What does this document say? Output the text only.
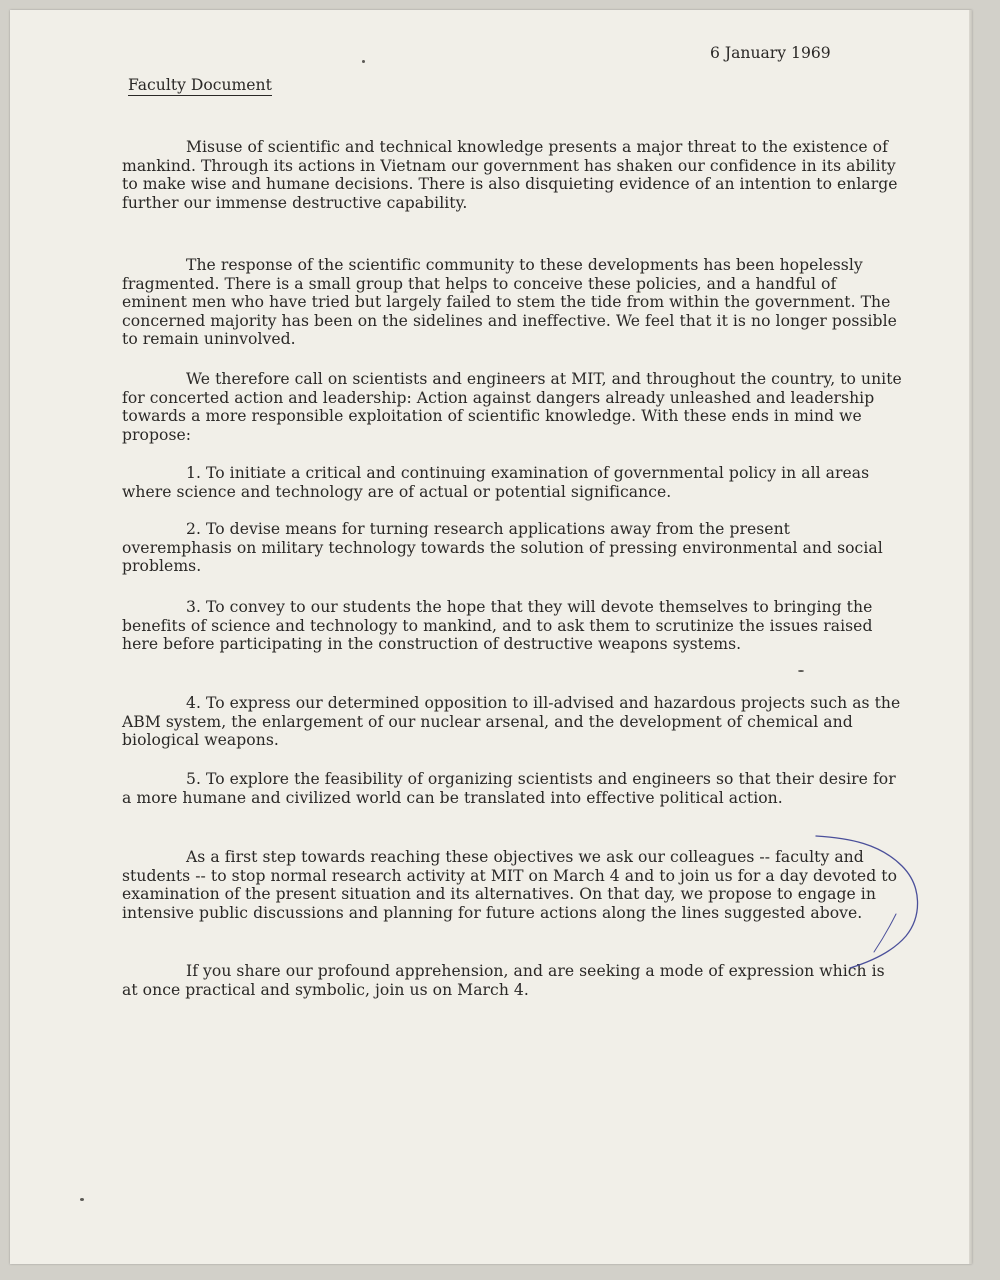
6 January 1969
Faculty Document

Misuse of scientific and technical knowledge presents a major threat to the existence of mankind. Through its actions in Vietnam our government has shaken our confidence in its ability to make wise and humane decisions. There is also disquieting evidence of an intention to enlarge further our immense destructive capability.

The response of the scientific community to these developments has been hopelessly fragmented. There is a small group that helps to conceive these policies, and a handful of eminent men who have tried but largely failed to stem the tide from within the government. The concerned majority has been on the sidelines and ineffective. We feel that it is no longer possible to remain uninvolved.

We therefore call on scientists and engineers at MIT, and throughout the country, to unite for concerted action and leadership: Action against dangers already unleashed and leadership towards a more responsible exploitation of scientific knowledge. With these ends in mind we propose:

1. To initiate a critical and continuing examination of governmental policy in all areas where science and technology are of actual or potential significance.

2. To devise means for turning research applications away from the present overemphasis on military technology towards the solution of pressing environmental and social problems.

3. To convey to our students the hope that they will devote themselves to bringing the benefits of science and technology to mankind, and to ask them to scrutinize the issues raised here before participating in the construction of destructive weapons systems.

4. To express our determined opposition to ill-advised and hazardous projects such as the ABM system, the enlargement of our nuclear arsenal, and the development of chemical and biological weapons.

5. To explore the feasibility of organizing scientists and engineers so that their desire for a more humane and civilized world can be translated into effective political action.

As a first step towards reaching these objectives we ask our colleagues -- faculty and students -- to stop normal research activity at MIT on March 4 and to join us for a day devoted to examination of the present situation and its alternatives. On that day, we propose to engage in intensive public discussions and planning for future actions along the lines suggested above.

If you share our profound apprehension, and are seeking a mode of expression which is at once practical and symbolic, join us on March 4.
